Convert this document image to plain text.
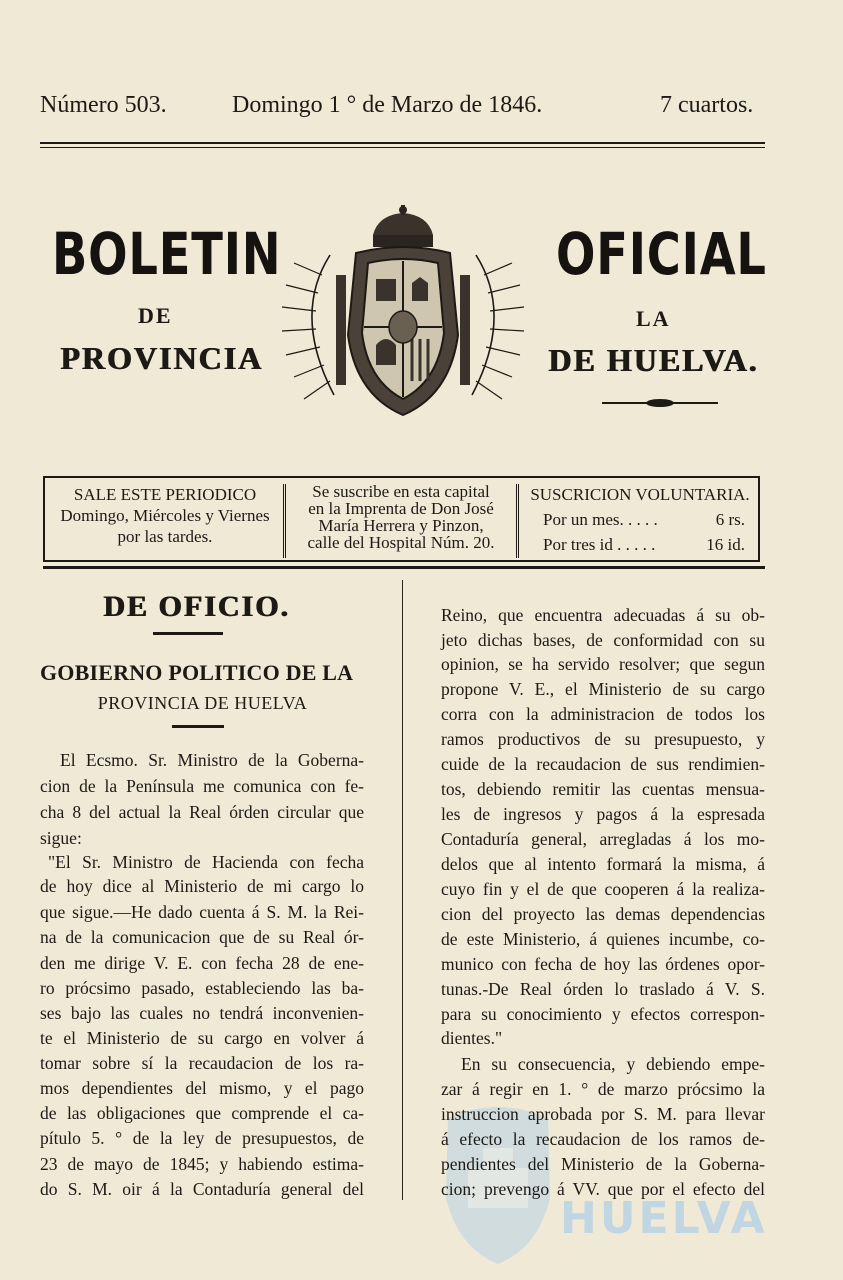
Número 503.	Domingo 1 ° de Marzo de 1846.	7 cuartos.
BOLETIN	OFICIAL
DE	LA
PROVINCIA	DE HUELVA.
SALE ESTE PERIODICO
Domingo, Miércoles y Viernes
por las tardes.
Se suscribe en esta capital
en la Imprenta de Don José
María Herrera y Pinzon,
calle del Hospital Núm. 20.
SUSCRICION VOLUNTARIA.
Por un mes. . . . .	6 rs.
Por tres id . . . . .	16 id.
DE OFICIO.
GOBIERNO POLITICO DE LA
PROVINCIA DE HUELVA
El Ecsmo. Sr. Ministro de la Goberna-
cion de la Península me comunica con fe-
cha 8 del actual la Real órden circular que
sigue:
"El Sr. Ministro de Hacienda con fecha
de hoy dice al Ministerio de mi cargo lo
que sigue.—He dado cuenta á S. M. la Rei-
na de la comunicacion que de su Real ór-
den me dirige V. E. con fecha 28 de ene-
ro prócsimo pasado, estableciendo las ba-
ses bajo las cuales no tendrá inconvenien-
te el Ministerio de su cargo en volver á
tomar sobre sí la recaudacion de los ra-
mos dependientes del mismo, y el pago
de las obligaciones que comprende el ca-
pítulo 5. ° de la ley de presupuestos, de
23 de mayo de 1845; y habiendo estima-
do S. M. oir á la Contaduría general del
HUELVA
Reino, que encuentra adecuadas á su ob-
jeto dichas bases, de conformidad con su
opinion, se ha servido resolver; que segun
propone V. E., el Ministerio de su cargo
corra con la administracion de todos los
ramos productivos de su presupuesto, y
cuide de la recaudacion de sus rendimien-
tos, debiendo remitir las cuentas mensua-
les de ingresos y pagos á la espresada
Contaduría general, arregladas á los mo-
delos que al intento formará la misma, á
cuyo fin y el de que cooperen á la realiza-
cion del proyecto las demas dependencias
de este Ministerio, á quienes incumbe, co-
munico con fecha de hoy las órdenes opor-
tunas.-De Real órden lo traslado á V. S.
para su conocimiento y efectos correspon-
dientes."
En su consecuencia, y debiendo empe-
zar á regir en 1. ° de marzo prócsimo la
instruccion aprobada por S. M. para llevar
á efecto la recaudacion de los ramos de-
pendientes del Ministerio de la Goberna-
cion; prevengo á VV. que por el efecto del
